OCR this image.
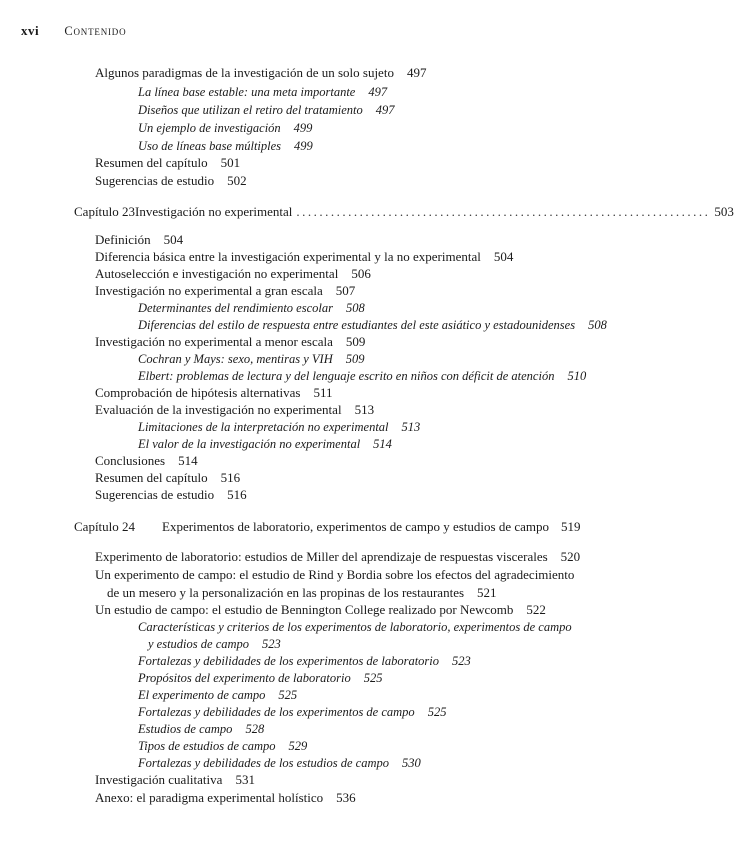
xvi Contenido
Algunos paradigmas de la investigación de un solo sujeto 497
La línea base estable: una meta importante 497
Diseños que utilizan el retiro del tratamiento 497
Un ejemplo de investigación 499
Uso de líneas base múltiples 499
Resumen del capítulo 501
Sugerencias de estudio 502
Capítulo 23 Investigación no experimental ........................................................................ 503
Definición 504
Diferencia básica entre la investigación experimental y la no experimental 504
Autoselección e investigación no experimental 506
Investigación no experimental a gran escala 507
Determinantes del rendimiento escolar 508
Diferencias del estilo de respuesta entre estudiantes del este asiático y estadounidenses 508
Investigación no experimental a menor escala 509
Cochran y Mays: sexo, mentiras y VIH 509
Elbert: problemas de lectura y del lenguaje escrito en niños con déficit de atención 510
Comprobación de hipótesis alternativas 511
Evaluación de la investigación no experimental 513
Limitaciones de la interpretación no experimental 513
El valor de la investigación no experimental 514
Conclusiones 514
Resumen del capítulo 516
Sugerencias de estudio 516
Capítulo 24 Experimentos de laboratorio, experimentos de campo y estudios de campo 519
Experimento de laboratorio: estudios de Miller del aprendizaje de respuestas viscerales 520
Un experimento de campo: el estudio de Rind y Bordia sobre los efectos del agradecimiento
de un mesero y la personalización en las propinas de los restaurantes 521
Un estudio de campo: el estudio de Bennington College realizado por Newcomb 522
Características y criterios de los experimentos de laboratorio, experimentos de campo
y estudios de campo 523
Fortalezas y debilidades de los experimentos de laboratorio 523
Propósitos del experimento de laboratorio 525
El experimento de campo 525
Fortalezas y debilidades de los experimentos de campo 525
Estudios de campo 528
Tipos de estudios de campo 529
Fortalezas y debilidades de los estudios de campo 530
Investigación cualitativa 531
Anexo: el paradigma experimental holístico 536
